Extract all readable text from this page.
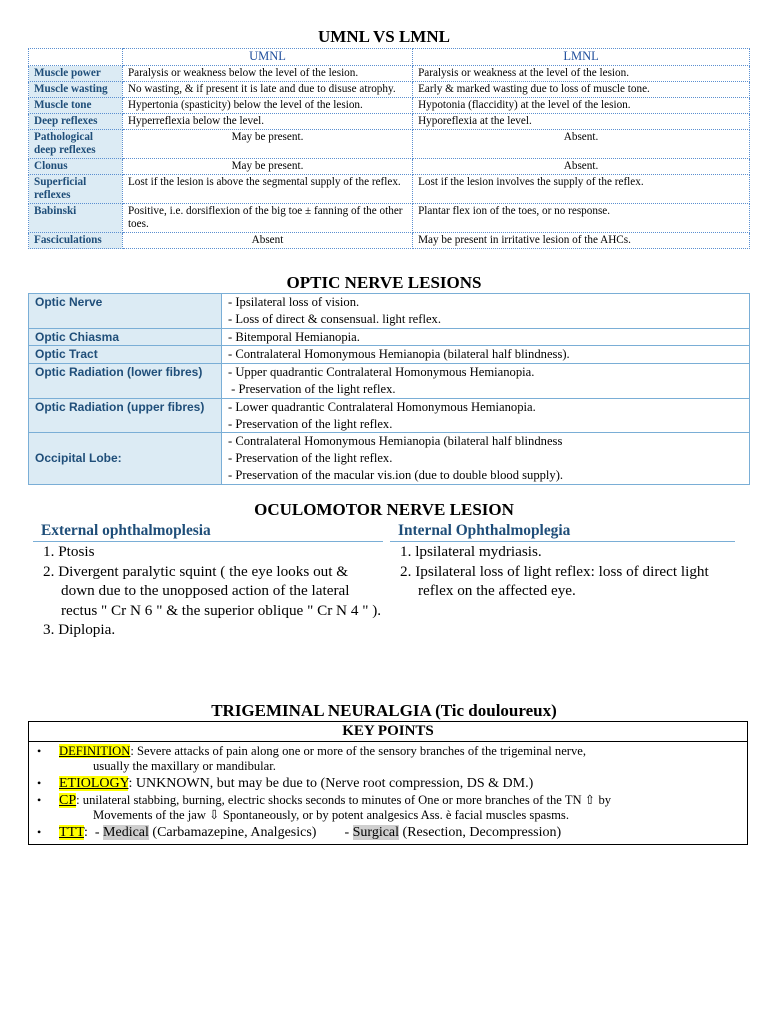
UMNL VS LMNL
	UMNL	LMNL
Muscle power	Paralysis or weakness below the level of the lesion.	Paralysis or weakness at the level of the lesion.
Muscle wasting	No wasting, & if present it is late and due to disuse atrophy.	Early & marked wasting due to loss of muscle tone.
Muscle tone	Hypertonia (spasticity) below the level of the lesion.	Hypotonia (flaccidity) at the level of the lesion.
Deep reflexes	Hyperreflexia below the level.	Hyporeflexia at the level.
Pathological deep reflexes	May be present.	Absent.
Clonus	May be present.	Absent.
Superficial reflexes	Lost if the lesion is above the segmental supply of the reflex.	Lost if the lesion involves the supply of the reflex.
Babinski	Positive, i.e. dorsiflexion of the big toe ± fanning of the other toes.	Plantar flex ion of the toes, or no response.
Fasciculations	Absent	May be present in irritative lesion of the AHCs.
OPTIC NERVE LESIONS
Optic Nerve	- Ipsilateral loss of vision.
- Loss of direct & consensual. light reflex.

Optic Chiasma	- Bitemporal Hemianopia.

Optic Tract	- Contralateral Homonymous Hemianopia (bilateral half blindness).

Optic Radiation (lower fibres)	- Upper quadrantic Contralateral Homonymous Hemianopia.
- Preservation of the light reflex.

Optic Radiation (upper fibres)	- Lower quadrantic Contralateral Homonymous Hemianopia.
- Preservation of the light reflex.

Occipital Lobe:	- Contralateral Homonymous Hemianopia (bilateral half blindness
- Preservation of the light reflex.
- Preservation of the macular vis.ion (due to double blood supply).
OCULOMOTOR NERVE LESION
External ophthalmoplesia
1. Ptosis
2. Divergent paralytic squint ( the eye looks out & down due to the unopposed action of the lateral rectus " Cr N 6 " & the superior oblique " Cr N 4 " ).
3. Diplopia.
Internal Ophthalmoplegia
1. lpsilateral mydriasis.
2. Ipsilateral loss of light reflex: loss of direct light reflex on the affected eye.
TRIGEMINAL NEURALGIA (Tic douloureux)
KEY POINTS
• DEFINITION: Severe attacks of pain along one or more of the sensory branches of the trigeminal nerve,
usually the maxillary or mandibular.
• ETIOLOGY: UNKNOWN, but may be due to (Nerve root compression, DS & DM.)
• CP: unilateral stabbing, burning, electric shocks seconds to minutes of One or more branches of the TN ⇧ by
Movements of the jaw ⇩ Spontaneously, or by potent analgesics Ass. è facial muscles spasms.
• TTT:  - Medical (Carbamazepine, Analgesics)        - Surgical (Resection, Decompression)
